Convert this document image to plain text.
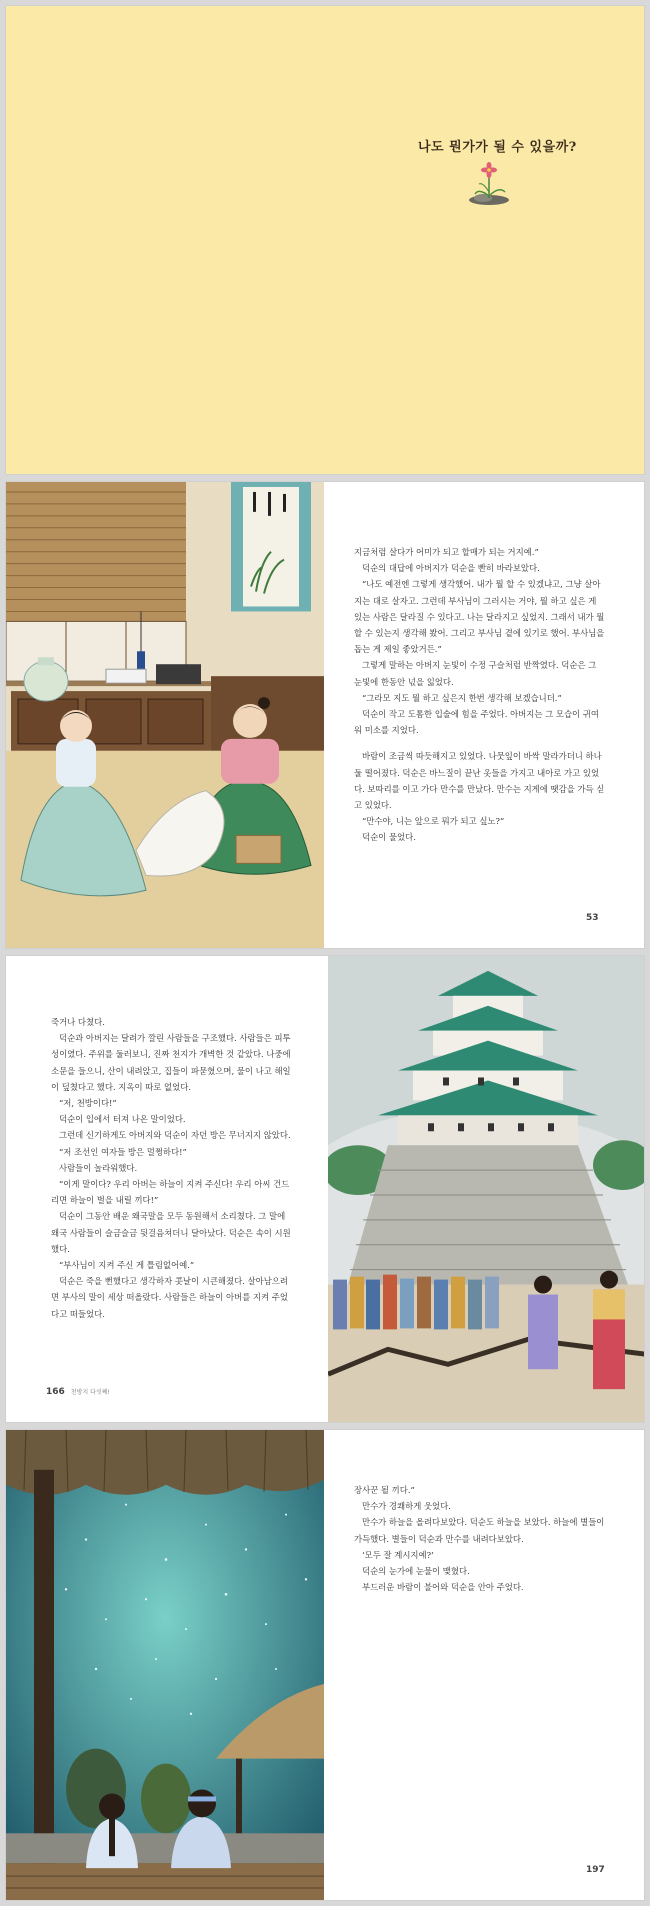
나도 뭔가가 될 수 있을까?

지금처럼 살다가 어미가 되고 할매가 되는 거지예.”

덕순의 대답에 아버지가 덕순을 빤히 바라보았다.

“나도 예전엔 그렇게 생각했어. 내가 뭘 할 수 있겠냐고, 그냥 살아지는 대로 살자고. 그런데 부사님이 그러시는 거야, 뭘 하고 싶은 게 있는 사람은 달라질 수 있다고. 나는 달라지고 싶었지. 그래서 내가 뭘 할 수 있는지 생각해 봤어. 그리고 부사님 곁에 있기로 했어. 부사님을 돕는 게 제일 좋았거든.”

그렇게 말하는 아버지 눈빛이 수정 구슬처럼 반짝였다. 덕순은 그 눈빛에 한동안 넋을 잃었다.

“그라모 지도 뭘 하고 싶은지 한번 생각해 보겠습니더.”

덕순이 작고 도톰한 입술에 힘을 주었다. 아버지는 그 모습이 귀여워 미소를 지었다.

바람이 조금씩 따듯해지고 있었다. 나뭇잎이 바싹 말라가더니 하나둘 떨어졌다. 덕순은 바느질이 끝난 옷들을 가지고 내아로 가고 있었다. 보따리를 이고 가다 만수를 만났다. 만수는 지게에 땟감을 가득 싣고 있었다.

“만수야, 니는 앞으로 뭐가 되고 싶노?”

덕순이 물었다.

53

죽거나 다쳤다.

덕순과 아버지는 달려가 깔린 사람들을 구조했다. 사람들은 피투성이였다. 주위를 둘러보니, 진짜 천지가 개벽한 것 같았다. 나중에 소문을 들으니, 산이 내려앉고, 집들이 파묻혔으며, 물이 나고 해일이 덮쳤다고 했다. 지옥이 따로 없었다.

“저, 천방이다!”

덕순이 입에서 터져 나온 말이었다.

그런데 신기하게도 아버지와 덕순이 자던 방은 무너지지 않았다.

“저 조선인 여자들 방은 멀쩡하다!”

사람들이 놀라워했다.

“이게 말이다? 우리 아버는 하늘이 지켜 주신다! 우리 아씨 건드리면 하늘이 벌을 내릴 끼다!”

덕순이 그동안 배운 왜국말을 모두 동원해서 소리쳤다. 그 말에 왜국 사람들이 슬금슬금 뒷걸음쳐더니 달아났다. 덕순은 속이 시원했다.

“부사님이 지켜 주신 게 틀림없어예.”

덕순은 죽을 뻔했다고 생각하자 콧날이 시큰해졌다. 살아남으려면 부사의 말이 세상 떠올랐다. 사람들은 하늘이 아버를 지켜 주었다고 떠들었다.

166 천방지 다섯째!

장사꾼 될 끼다.”

만수가 경쾌하게 웃었다.

만수가 하늘을 올려다보았다. 덕순도 하늘을 보았다. 하늘에 별들이 가득했다. 별들이 덕순과 만수를 내려다보았다.

‘모두 잘 계시지예?’

덕순의 눈가에 눈물이 맺혔다.

부드러운 바람이 불어와 덕순을 안아 주었다.

197
